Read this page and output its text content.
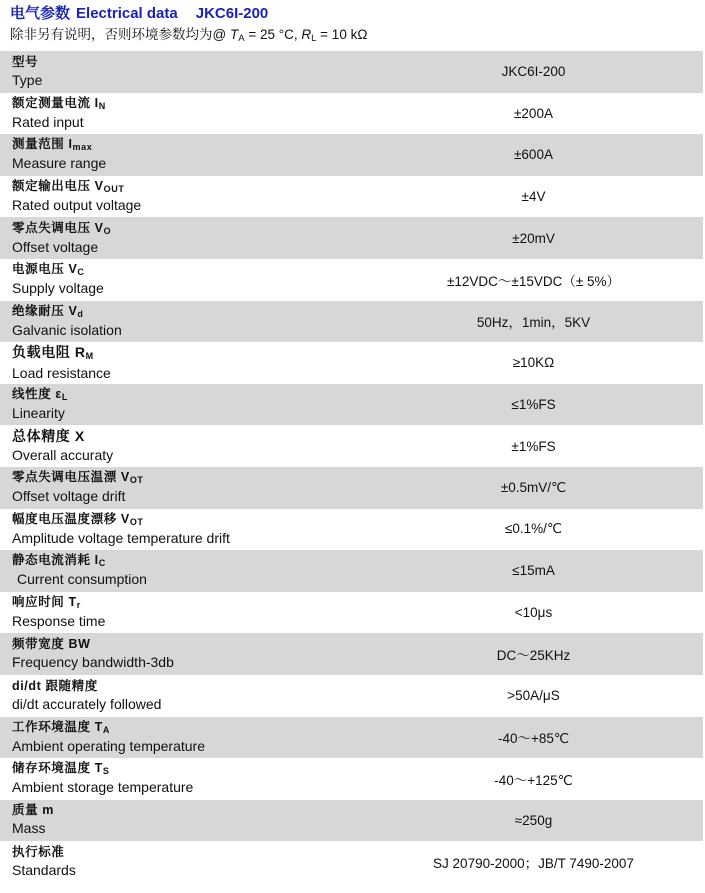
电气参数 Electrical data JKC6I-200
除非另有说明，否则环境参数均为@ $T_A = 25$ °C, $R_L = 10$ kΩ
型号
Type	JKC6I-200

额定测量电流 $I_N$
Rated input	±200A

测量范围 $I_{max}$
Measure range	±600A

额定输出电压 $V_{OUT}$
Rated output voltage	±4V

零点失调电压 $V_O$
Offset voltage	±20mV

电源电压 $V_C$
Supply voltage	±12VDC～±15VDC（± 5%）

绝缘耐压 $V_d$
Galvanic isolation	50Hz，1min，5KV

负载电阻 $R_M$
Load resistance	≥10KΩ

线性度 $\varepsilon_L$
Linearity	≤1%FS

总体精度 X
Overall accuraty	±1%FS

零点失调电压温漂 $V_{OT}$
Offset voltage drift	±0.5mV/℃

幅度电压温度漂移 $V_{OT}$
Amplitude voltage temperature drift	≤0.1%/℃

静态电流消耗 $I_C$
Current consumption	≤15mA

响应时间 $T_r$
Response time	<10μs

频带宽度 BW
Frequency bandwidth-3db	DC～25KHz

di/dt 跟随精度
di/dt accurately followed	>50A/μS

工作环境温度 $T_A$
Ambient operating temperature	-40～+85℃

储存环境温度 $T_S$
Ambient storage temperature	-40～+125℃

质量 m
Mass	≈250g

执行标准
Standards	SJ 20790-2000；JB/T 7490-2007
